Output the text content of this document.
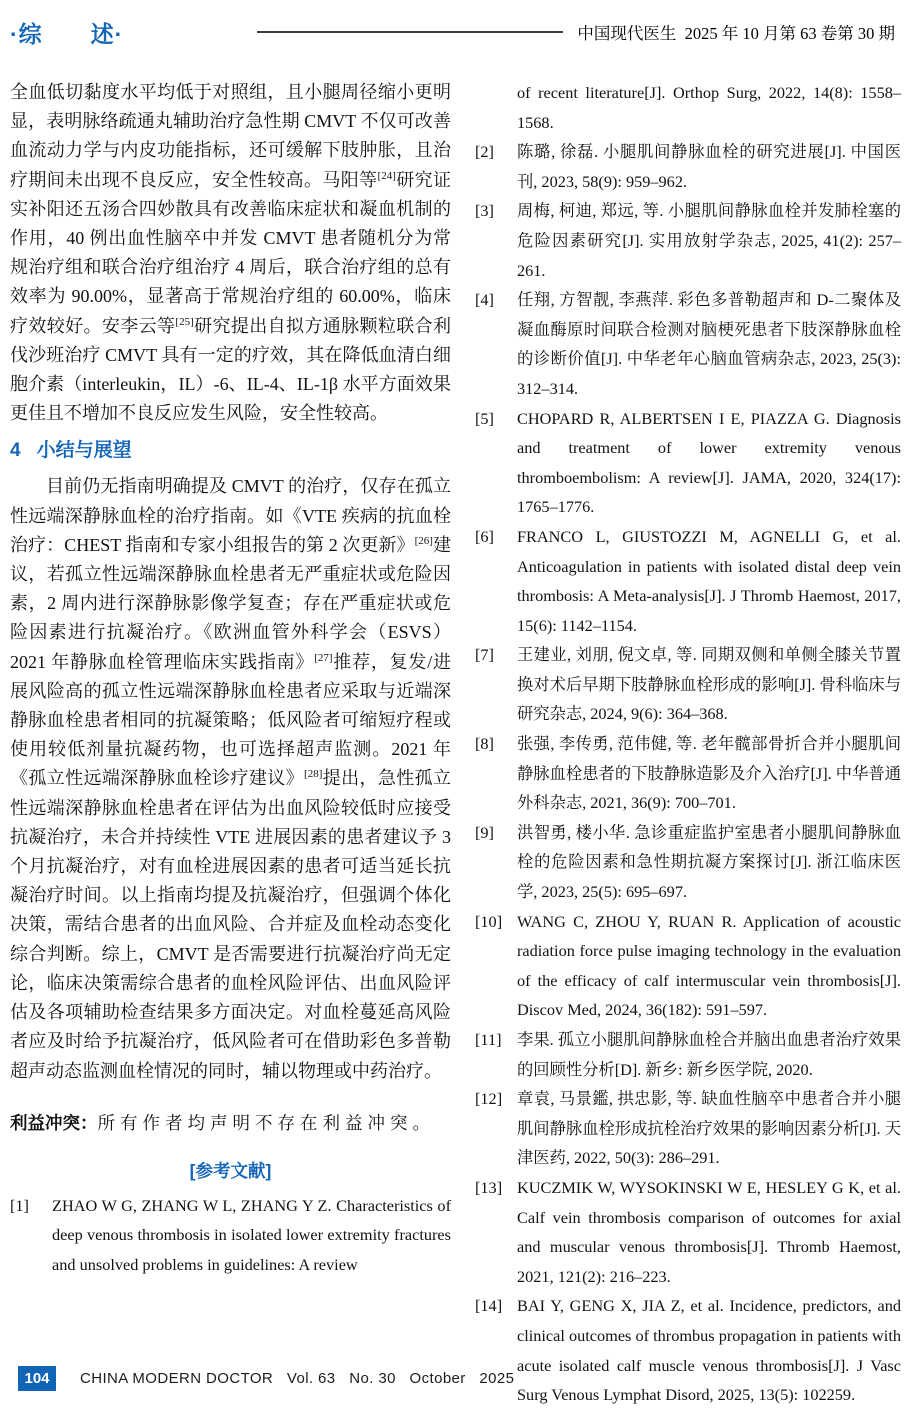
·综　　述·	中国现代医生  2025 年 10 月第 63 卷第 30 期

全血低切黏度水平均低于对照组，且小腿周径缩小更明显，表明脉络疏通丸辅助治疗急性期 CMVT 不仅可改善血流动力学与内皮功能指标，还可缓解下肢肿胀，且治疗期间未出现不良反应，安全性较高。马阳等[24]研究证实补阳还五汤合四妙散具有改善临床症状和凝血机制的作用，40 例出血性脑卒中并发 CMVT 患者随机分为常规治疗组和联合治疗组治疗 4 周后，联合治疗组的总有效率为 90.00%，显著高于常规治疗组的 60.00%，临床疗效较好。安李云等[25]研究提出自拟方通脉颗粒联合利伐沙班治疗 CMVT 具有一定的疗效，其在降低血清白细胞介素（interleukin，IL）-6、IL-4、IL-1β 水平方面效果更佳且不增加不良反应发生风险，安全性较高。

4 小结与展望

目前仍无指南明确提及 CMVT 的治疗，仅存在孤立性远端深静脉血栓的治疗指南。如《VTE 疾病的抗血栓治疗：CHEST 指南和专家小组报告的第 2 次更新》[26]建议，若孤立性远端深静脉血栓患者无严重症状或危险因素，2 周内进行深静脉影像学复查；存在严重症状或危险因素进行抗凝治疗。《欧洲血管外科学会（ESVS）2021 年静脉血栓管理临床实践指南》[27]推荐，复发/进展风险高的孤立性远端深静脉血栓患者应采取与近端深静脉血栓患者相同的抗凝策略；低风险者可缩短疗程或使用较低剂量抗凝药物，也可选择超声监测。2021 年《孤立性远端深静脉血栓诊疗建议》[28]提出，急性孤立性远端深静脉血栓患者在评估为出血风险较低时应接受抗凝治疗，未合并持续性 VTE 进展因素的患者建议予 3 个月抗凝治疗，对有血栓进展因素的患者可适当延长抗凝治疗时间。以上指南均提及抗凝治疗，但强调个体化决策，需结合患者的出血风险、合并症及血栓动态变化综合判断。综上，CMVT 是否需要进行抗凝治疗尚无定论，临床决策需综合患者的血栓风险评估、出血风险评估及各项辅助检查结果多方面决定。对血栓蔓延高风险者应及时给予抗凝治疗，低风险者可在借助彩色多普勒超声动态监测血栓情况的同时，辅以物理或中药治疗。

利益冲突：所有作者均声明不存在利益冲突。

[参考文献]
[1]	ZHAO W G, ZHANG W L, ZHANG Y Z. Characteristics of deep venous thrombosis in isolated lower extremity fractures and unsolved problems in guidelines: A review

of recent literature[J]. Orthop Surg, 2022, 14(8): 1558–1568.

[2]	陈璐, 徐磊. 小腿肌间静脉血栓的研究进展[J]. 中国医刊, 2023, 58(9): 959–962.
[3]	周梅, 柯迪, 郑远, 等. 小腿肌间静脉血栓并发肺栓塞的危险因素研究[J]. 实用放射学杂志, 2025, 41(2): 257–261.
[4]	任翔, 方智靓, 李燕萍. 彩色多普勒超声和 D-二聚体及凝血酶原时间联合检测对脑梗死患者下肢深静脉血栓的诊断价值[J]. 中华老年心脑血管病杂志, 2023, 25(3): 312–314.
[5]	CHOPARD R, ALBERTSEN I E, PIAZZA G. Diagnosis and treatment of lower extremity venous thromboembolism: A review[J]. JAMA, 2020, 324(17): 1765–1776.
[6]	FRANCO L, GIUSTOZZI M, AGNELLI G, et al. Anticoagulation in patients with isolated distal deep vein thrombosis: A Meta-analysis[J]. J Thromb Haemost, 2017, 15(6): 1142–1154.
[7]	王建业, 刘朋, 倪文卓, 等. 同期双侧和单侧全膝关节置换对术后早期下肢静脉血栓形成的影响[J]. 骨科临床与研究杂志, 2024, 9(6): 364–368.
[8]	张强, 李传勇, 范伟健, 等. 老年髋部骨折合并小腿肌间静脉血栓患者的下肢静脉造影及介入治疗[J]. 中华普通外科杂志, 2021, 36(9): 700–701.
[9]	洪智勇, 楼小华. 急诊重症监护室患者小腿肌间静脉血栓的危险因素和急性期抗凝方案探讨[J]. 浙江临床医学, 2023, 25(5): 695–697.
[10] WANG C, ZHOU Y, RUAN R. Application of acoustic radiation force pulse imaging technology in the evaluation of the efficacy of calf intermuscular vein thrombosis[J]. Discov Med, 2024, 36(182): 591–597.
[11] 李果. 孤立小腿肌间静脉血栓合并脑出血患者治疗效果的回顾性分析[D]. 新乡: 新乡医学院, 2020.
[12] 章袁, 马景鑑, 拱忠影, 等. 缺血性脑卒中患者合并小腿肌间静脉血栓形成抗栓治疗效果的影响因素分析[J]. 天津医药, 2022, 50(3): 286–291.
[13] KUCZMIK W, WYSOKINSKI W E, HESLEY G K, et al. Calf vein thrombosis comparison of outcomes for axial and muscular venous thrombosis[J]. Thromb Haemost, 2021, 121(2): 216–223.
[14] BAI Y, GENG X, JIA Z, et al. Incidence, predictors, and clinical outcomes of thrombus propagation in patients with acute isolated calf muscle venous thrombosis[J]. J Vasc Surg Venous Lymphat Disord, 2025, 13(5): 102259.
104	CHINA MODERN DOCTOR   Vol. 63   No. 30   October   2025
